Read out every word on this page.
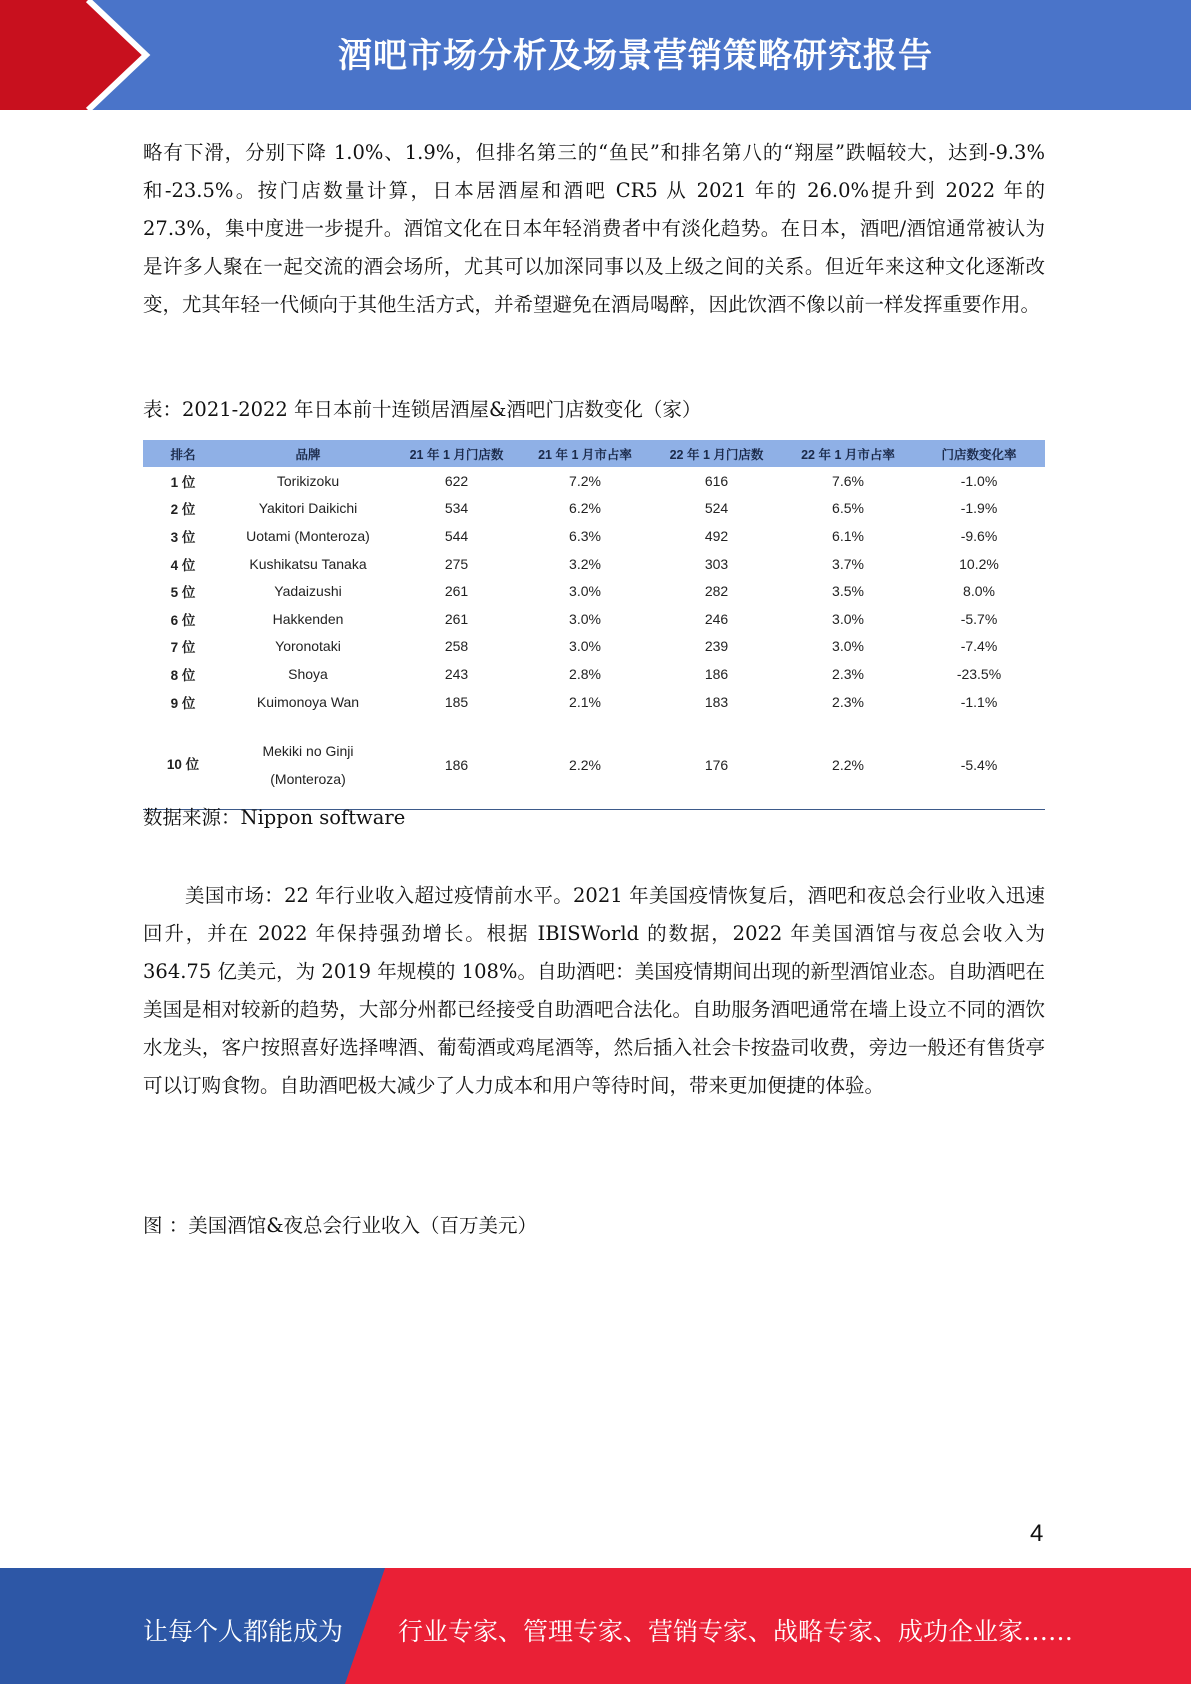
酒吧市场分析及场景营销策略研究报告

略有下滑，分别下降 1.0%、1.9%，但排名第三的“鱼民”和排名第八的“翔屋”跌幅较大，达到-9.3%和-23.5%。按门店数量计算，日本居酒屋和酒吧 CR5 从 2021 年的 26.0%提升到 2022 年的 27.3%，集中度进一步提升。酒馆文化在日本年轻消费者中有淡化趋势。在日本，酒吧/酒馆通常被认为是许多人聚在一起交流的酒会场所，尤其可以加深同事以及上级之间的关系。但近年来这种文化逐渐改变，尤其年轻一代倾向于其他生活方式，并希望避免在酒局喝醉，因此饮酒不像以前一样发挥重要作用。

表：2021-2022 年日本前十连锁居酒屋&酒吧门店数变化（家）

排名	品牌	21 年 1 月门店数	21 年 1 月市占率	22 年 1 月门店数	22 年 1 月市占率	门店数变化率
1 位	Torikizoku	622	7.2%	616	7.6%	-1.0%
2 位	Yakitori Daikichi	534	6.2%	524	6.5%	-1.9%
3 位	Uotami (Monteroza)	544	6.3%	492	6.1%	-9.6%
4 位	Kushikatsu Tanaka	275	3.2%	303	3.7%	10.2%
5 位	Yadaizushi	261	3.0%	282	3.5%	8.0%
6 位	Hakkenden	261	3.0%	246	3.0%	-5.7%
7 位	Yoronotaki	258	3.0%	239	3.0%	-7.4%
8 位	Shoya	243	2.8%	186	2.3%	-23.5%
9 位	Kuimonoya Wan	185	2.1%	183	2.3%	-1.1%
10 位	Mekiki no Ginji
(Monteroza)	186	2.2%	176	2.2%	-5.4%

数据来源：Nippon software

美国市场：22 年行业收入超过疫情前水平。2021 年美国疫情恢复后，酒吧和夜总会行业收入迅速回升，并在 2022 年保持强劲增长。根据 IBISWorld 的数据，2022 年美国酒馆与夜总会收入为 364.75 亿美元，为 2019 年规模的 108%。自助酒吧：美国疫情期间出现的新型酒馆业态。自助酒吧在美国是相对较新的趋势，大部分州都已经接受自助酒吧合法化。自助服务酒吧通常在墙上设立不同的酒饮水龙头，客户按照喜好选择啤酒、葡萄酒或鸡尾酒等，然后插入社会卡按盎司收费，旁边一般还有售货亭可以订购食物。自助酒吧极大减少了人力成本和用户等待时间，带来更加便捷的体验。

图 ：美国酒馆&夜总会行业收入（百万美元）

4
让每个人都能成为 行业专家、管理专家、营销专家、战略专家、成功企业家……
